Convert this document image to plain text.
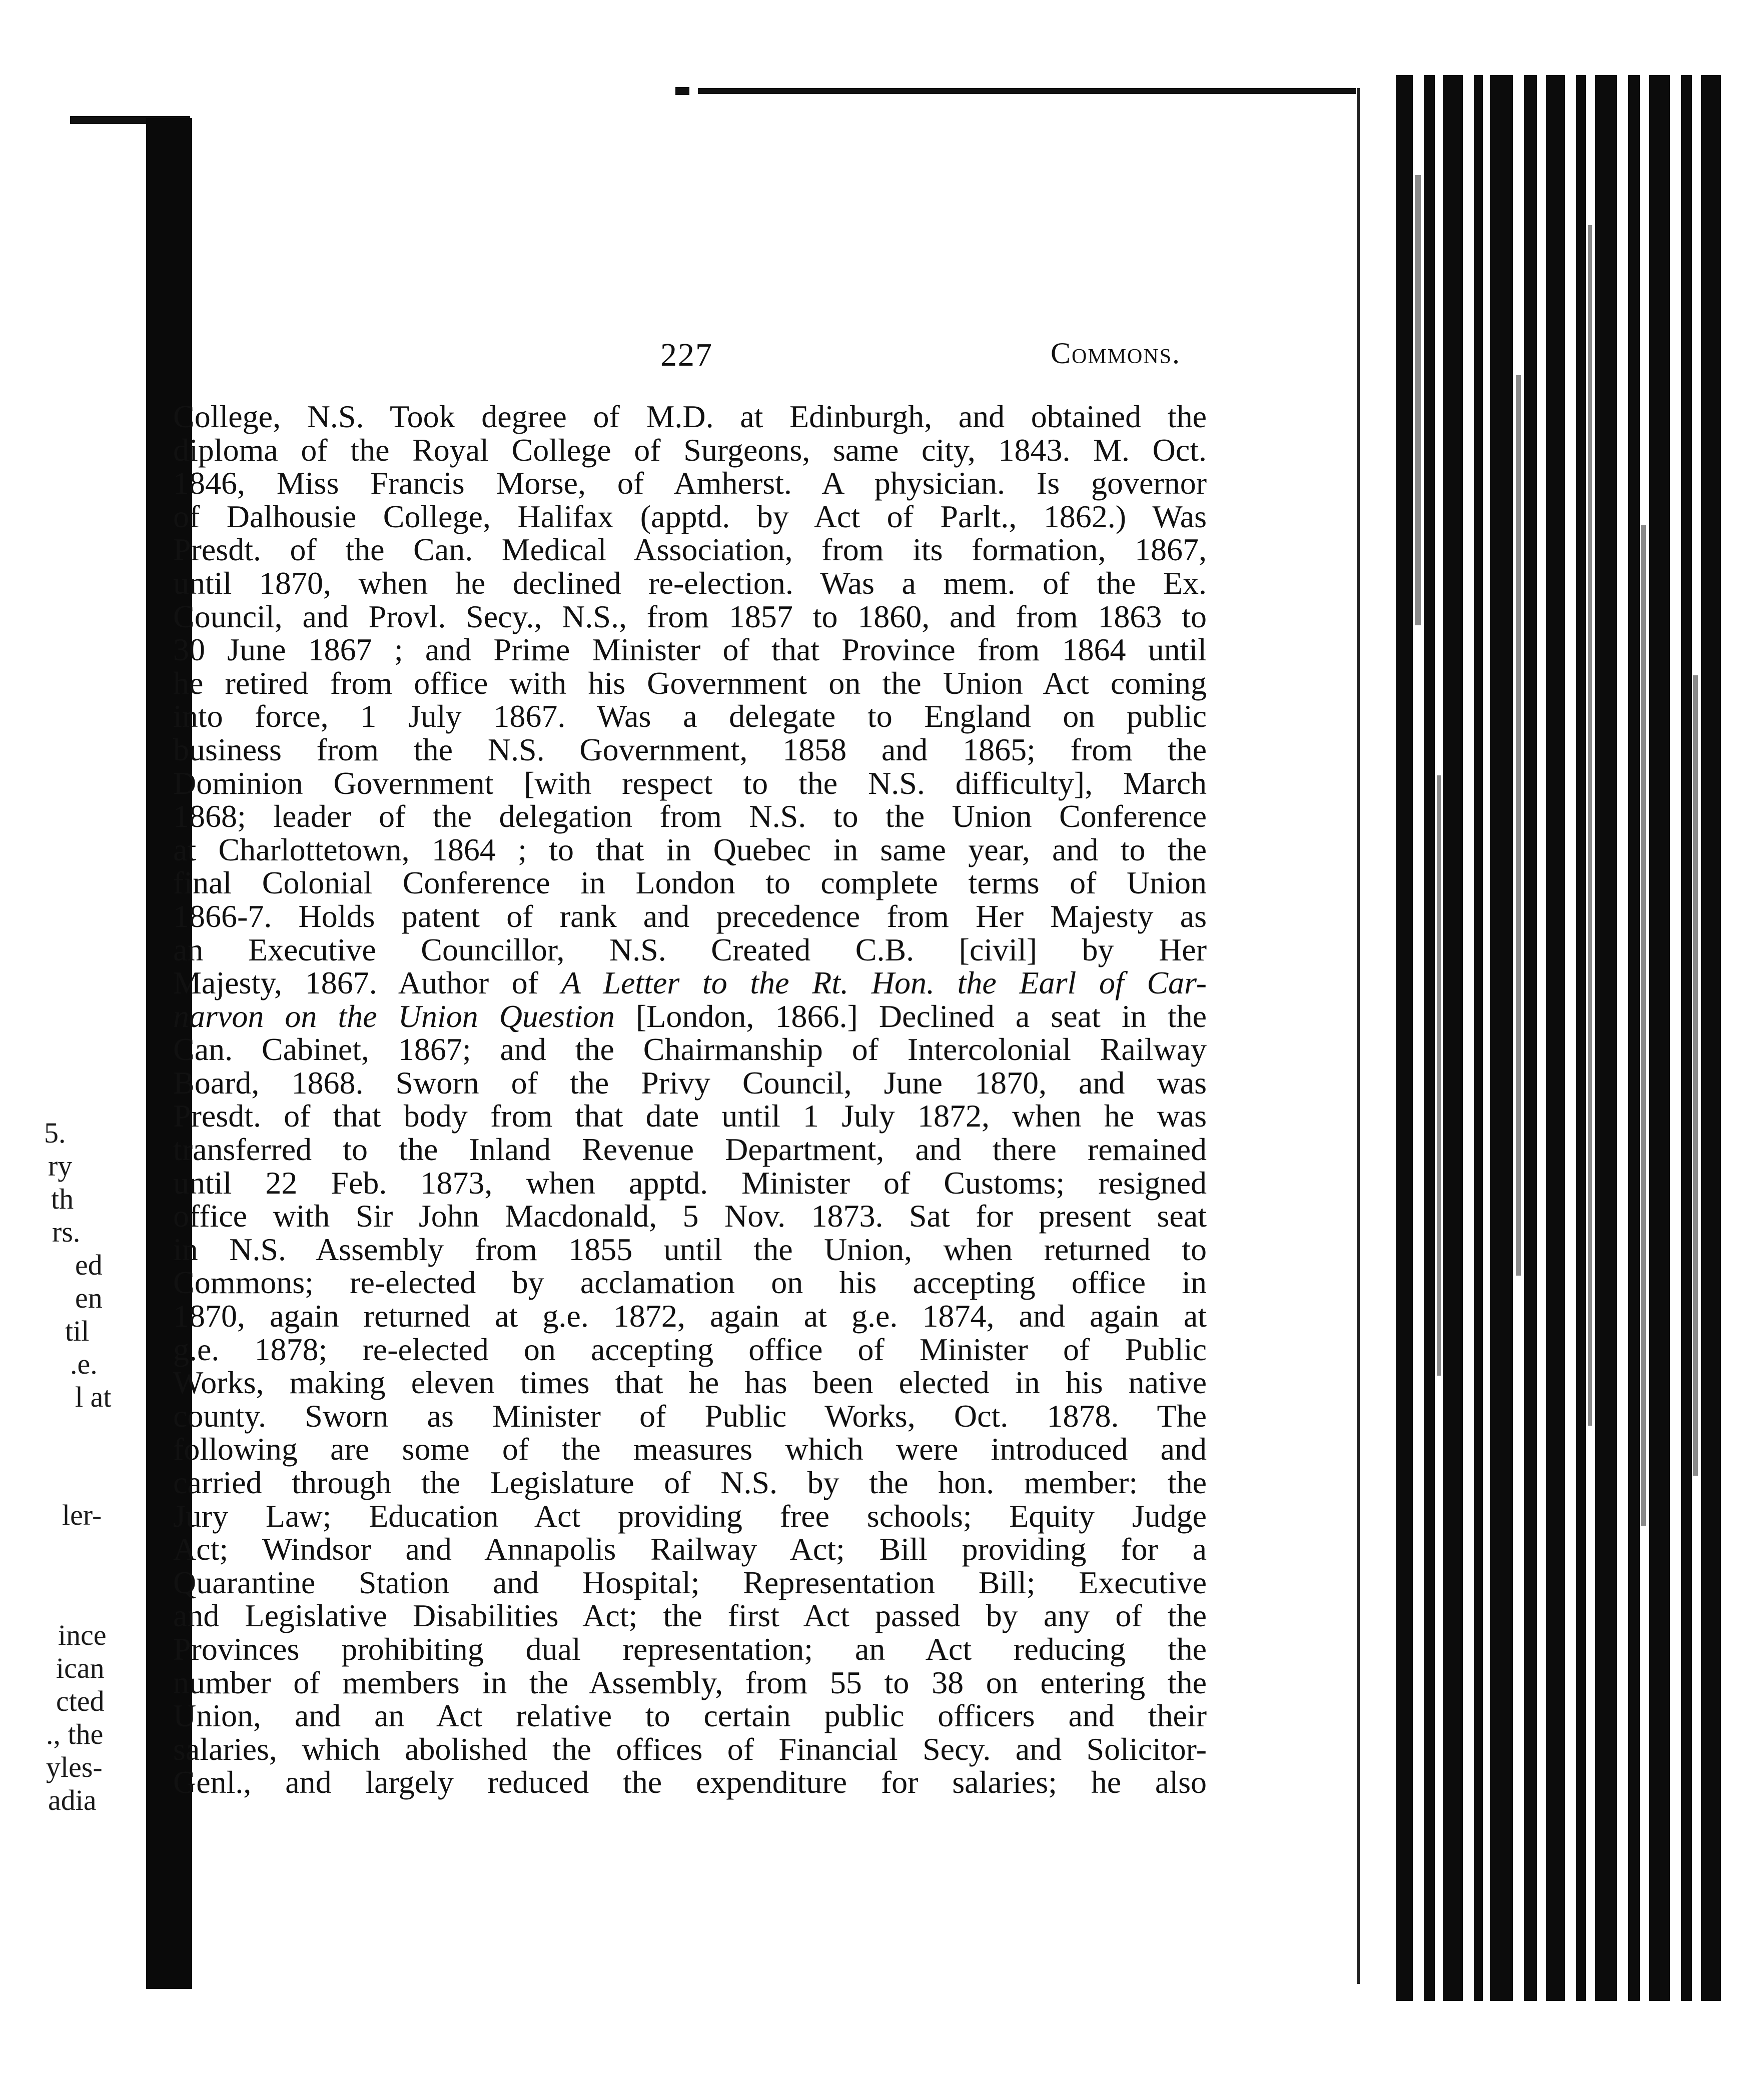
5.
ry
th
rs.
ed
en
til
.e.
l at
ler-
ince
ican
cted
., the
yles-
adia
227	Commons.
College, N.S. Took degree of M.D. at Edinburgh, and obtained the
diploma of the Royal College of Surgeons, same city, 1843. M. Oct.
1846, Miss Francis Morse, of Amherst. A physician. Is governor
of Dalhousie College, Halifax (apptd. by Act of Parlt., 1862.) Was
Presdt. of the Can. Medical Association, from its formation, 1867,
until 1870, when he declined re-election. Was a mem. of the Ex.
Council, and Provl. Secy., N.S., from 1857 to 1860, and from 1863 to
30 June 1867 ; and Prime Minister of that Province from 1864 until
he retired from office with his Government on the Union Act coming
into force, 1 July 1867. Was a delegate to England on public
business from the N.S. Government, 1858 and 1865; from the
Dominion Government [with respect to the N.S. difficulty], March
1868; leader of the delegation from N.S. to the Union Conference
at Charlottetown, 1864 ; to that in Quebec in same year, and to the
final Colonial Conference in London to complete terms of Union
1866-7. Holds patent of rank and precedence from Her Majesty as
an Executive Councillor, N.S. Created C.B. [civil] by Her
Majesty, 1867. Author of A Letter to the Rt. Hon. the Earl of Car-
narvon on the Union Question [London, 1866.] Declined a seat in the
Can. Cabinet, 1867; and the Chairmanship of Intercolonial Railway
Board, 1868. Sworn of the Privy Council, June 1870, and was
Presdt. of that body from that date until 1 July 1872, when he was
transferred to the Inland Revenue Department, and there remained
until 22 Feb. 1873, when apptd. Minister of Customs; resigned
office with Sir John Macdonald, 5 Nov. 1873. Sat for present seat
in N.S. Assembly from 1855 until the Union, when returned to
Commons; re-elected by acclamation on his accepting office in
1870, again returned at g.e. 1872, again at g.e. 1874, and again at
g.e. 1878; re-elected on accepting office of Minister of Public
Works, making eleven times that he has been elected in his native
county. Sworn as Minister of Public Works, Oct. 1878. The
following are some of the measures which were introduced and
carried through the Legislature of N.S. by the hon. member: the
Jury Law; Education Act providing free schools; Equity Judge
Act; Windsor and Annapolis Railway Act; Bill providing for a
Quarantine Station and Hospital; Representation Bill; Executive
and Legislative Disabilities Act; the first Act passed by any of the
Provinces prohibiting dual representation; an Act reducing the
number of members in the Assembly, from 55 to 38 on entering the
Union, and an Act relative to certain public officers and their
salaries, which abolished the offices of Financial Secy. and Solicitor-
Genl., and largely reduced the expenditure for salaries; he also
